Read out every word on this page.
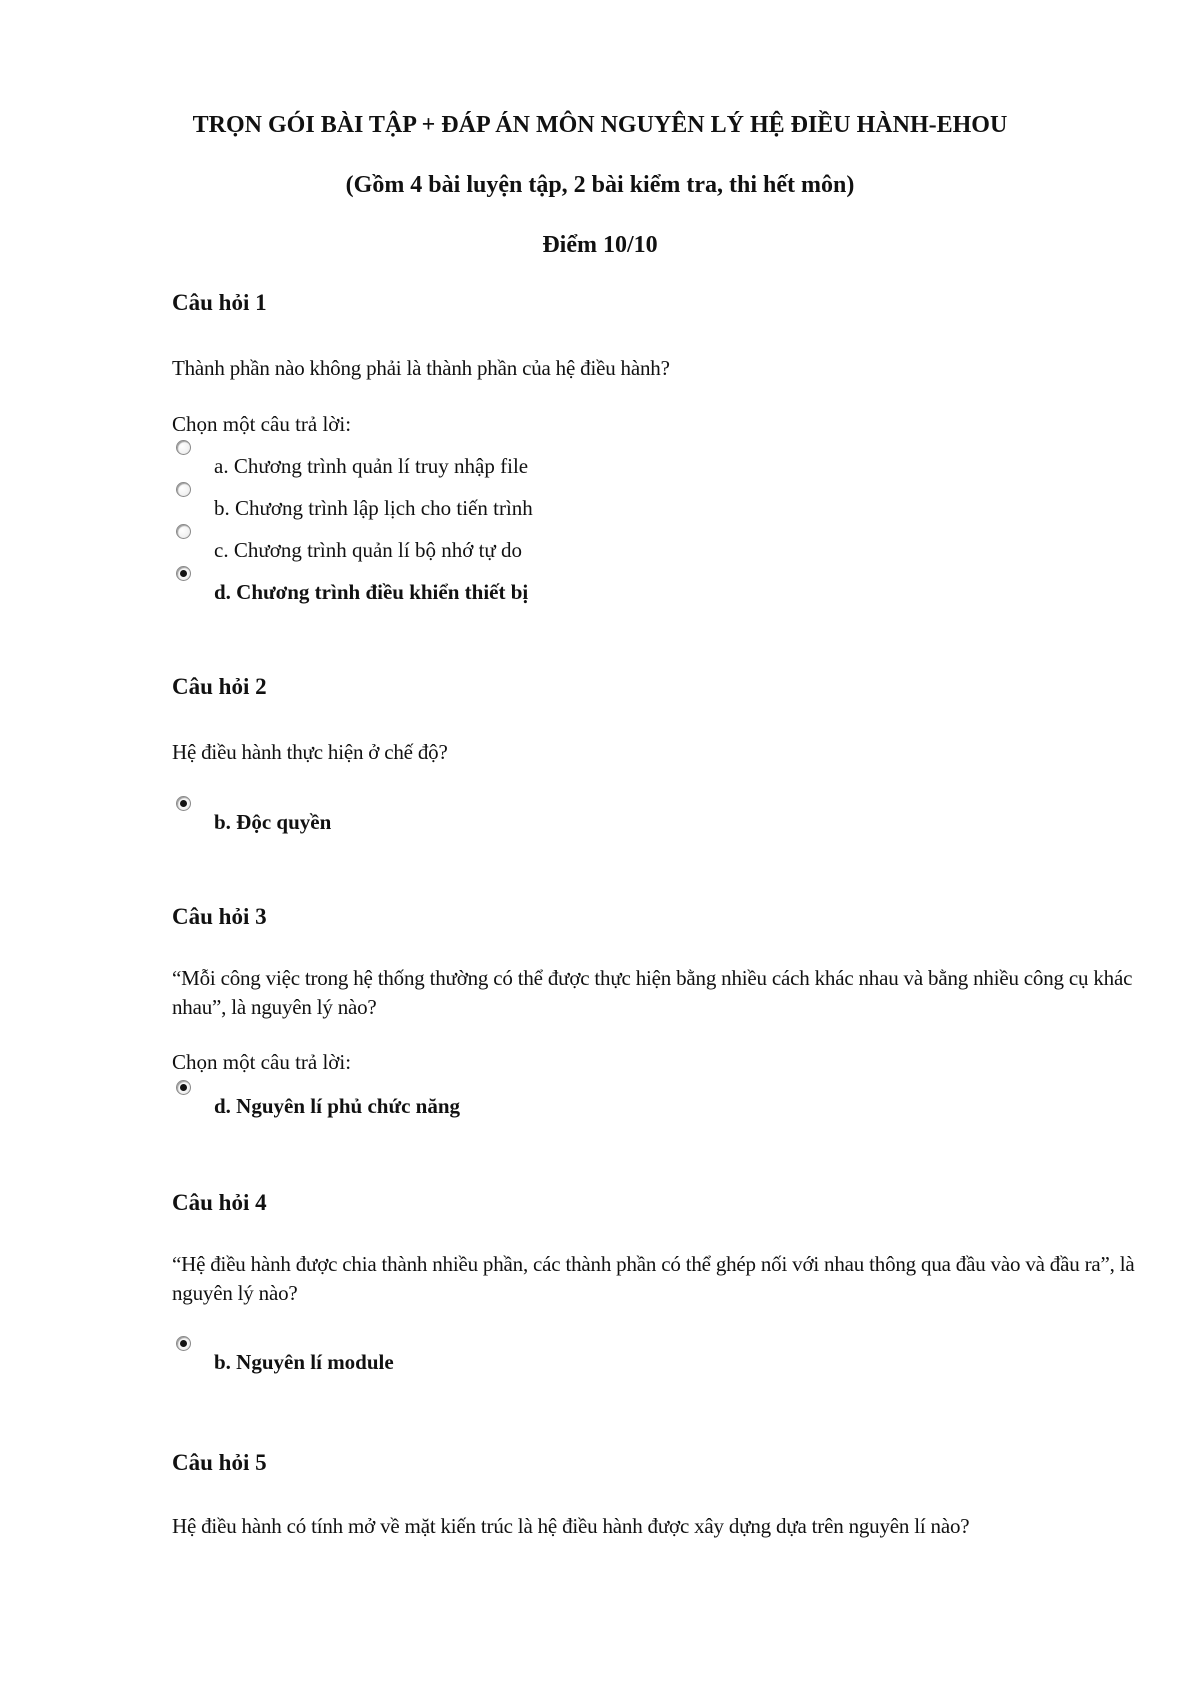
TRỌN GÓI BÀI TẬP + ĐÁP ÁN MÔN NGUYÊN LÝ HỆ ĐIỀU HÀNH-EHOU
(Gồm 4 bài luyện tập, 2 bài kiểm tra, thi hết môn)
Điểm 10/10
Câu hỏi 1
Thành phần nào không phải là thành phần của hệ điều hành?
Chọn một câu trả lời:
a. Chương trình quản lí truy nhập file
b. Chương trình lập lịch cho tiến trình
c. Chương trình quản lí bộ nhớ tự do
d. Chương trình điều khiển thiết bị
Câu hỏi 2
Hệ điều hành thực hiện ở chế độ?
b. Độc quyền
Câu hỏi 3
“Mỗi công việc trong hệ thống thường có thể được thực hiện bằng nhiều cách khác nhau và bằng nhiều công cụ khác nhau”, là nguyên lý nào?
Chọn một câu trả lời:
d. Nguyên lí phủ chức năng
Câu hỏi 4
“Hệ điều hành được chia thành nhiều phần, các thành phần có thể ghép nối với nhau thông qua đầu vào và đầu ra”, là nguyên lý nào?
b. Nguyên lí module
Câu hỏi 5
Hệ điều hành có tính mở về mặt kiến trúc là hệ điều hành được xây dựng dựa trên nguyên lí nào?
